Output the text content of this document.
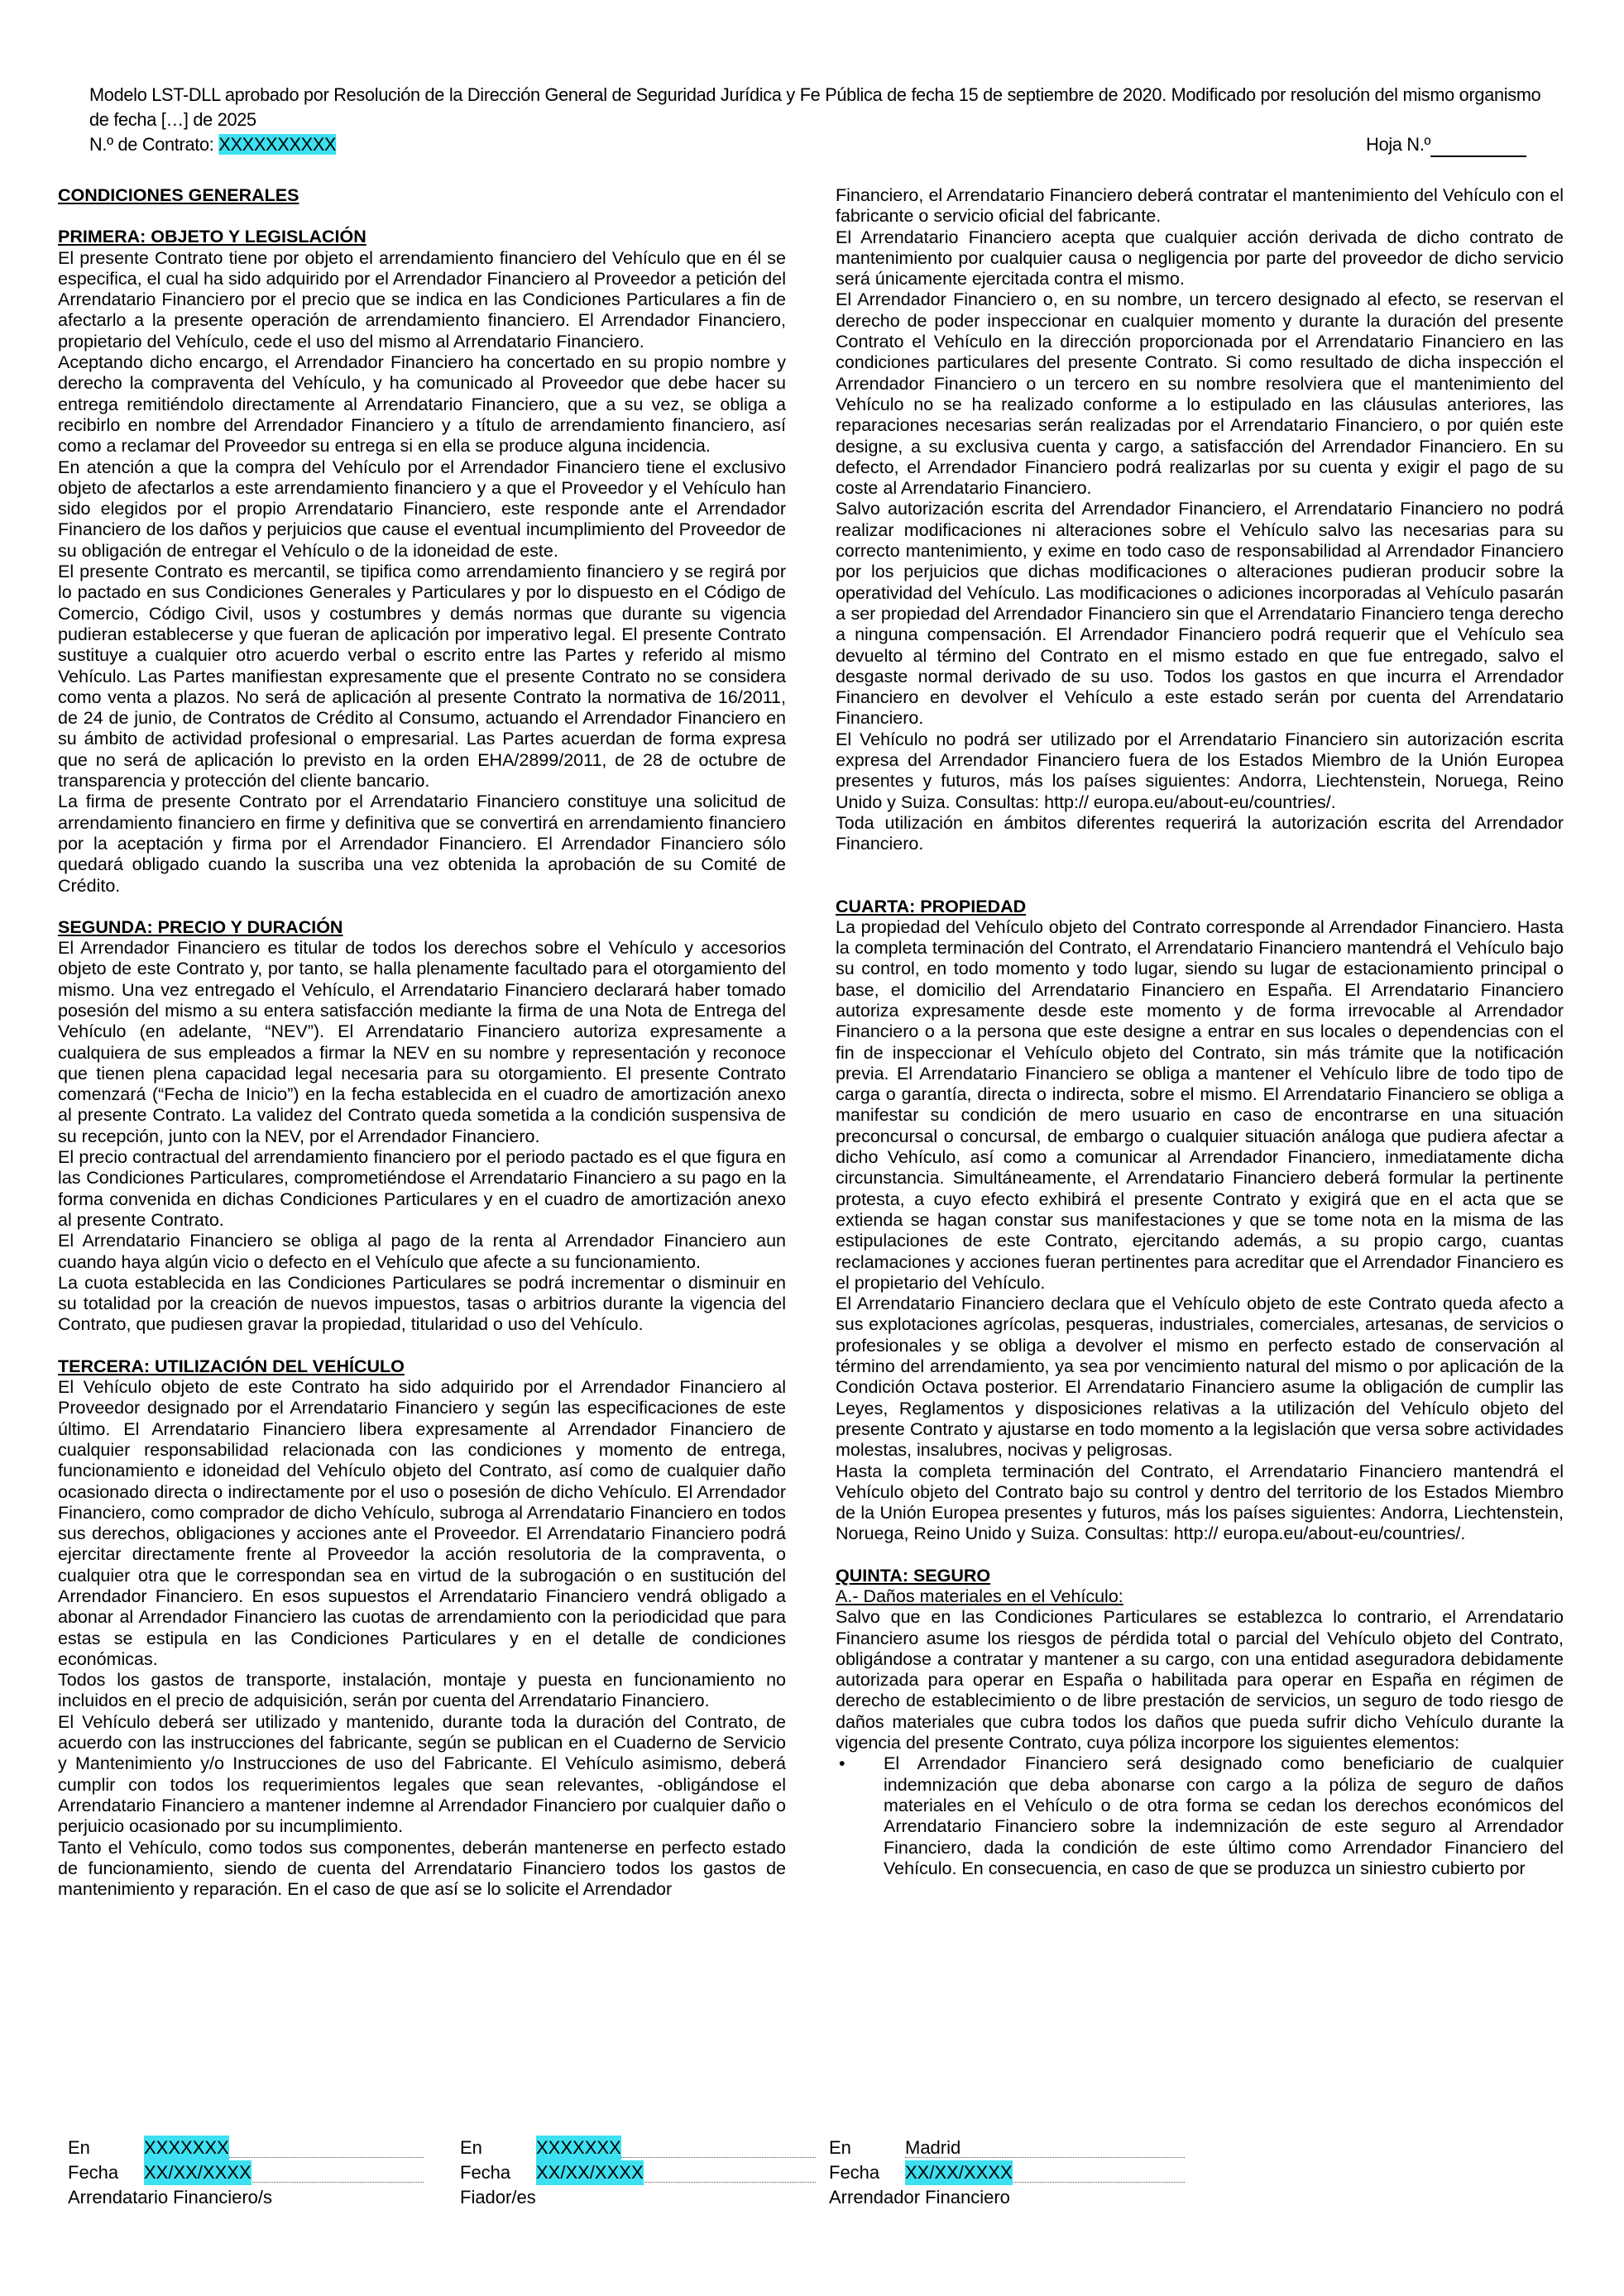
Modelo LST-DLL aprobado por Resolución de la Dirección General de Seguridad Jurídica y Fe Pública de fecha 15 de septiembre de 2020. Modificado por resolución del mismo organismo
de fecha […] de 2025
N.º de Contrato: XXXXXXXXXX	Hoja N.º

CONDICIONES GENERALES

PRIMERA: OBJETO Y LEGISLACIÓN

El presente Contrato tiene por objeto el arrendamiento financiero del Vehículo que en él se especifica, el cual ha sido adquirido por el Arrendador Financiero al Proveedor a petición del Arrendatario Financiero por el precio que se indica en las Condiciones Particulares a fin de afectarlo a la presente operación de arrendamiento financiero. El Arrendador Financiero, propietario del Vehículo, cede el uso del mismo al Arrendatario Financiero.

Aceptando dicho encargo, el Arrendador Financiero ha concertado en su propio nombre y derecho la compraventa del Vehículo, y ha comunicado al Proveedor que debe hacer su entrega remitiéndolo directamente al Arrendatario Financiero, que a su vez, se obliga a recibirlo en nombre del Arrendador Financiero y a título de arrendamiento financiero, así como a reclamar del Proveedor su entrega si en ella se produce alguna incidencia.

En atención a que la compra del Vehículo por el Arrendador Financiero tiene el exclusivo objeto de afectarlos a este arrendamiento financiero y a que el Proveedor y el Vehículo han sido elegidos por el propio Arrendatario Financiero, este responde ante el Arrendador Financiero de los daños y perjuicios que cause el eventual incumplimiento del Proveedor de su obligación de entregar el Vehículo o de la idoneidad de este.

El presente Contrato es mercantil, se tipifica como arrendamiento financiero y se regirá por lo pactado en sus Condiciones Generales y Particulares y por lo dispuesto en el Código de Comercio, Código Civil, usos y costumbres y demás normas que durante su vigencia pudieran establecerse y que fueran de aplicación por imperativo legal. El presente Contrato sustituye a cualquier otro acuerdo verbal o escrito entre las Partes y referido al mismo Vehículo. Las Partes manifiestan expresamente que el presente Contrato no se considera como venta a plazos. No será de aplicación al presente Contrato la normativa de 16/2011, de 24 de junio, de Contratos de Crédito al Consumo, actuando el Arrendador Financiero en su ámbito de actividad profesional o empresarial. Las Partes acuerdan de forma expresa que no será de aplicación lo previsto en la orden EHA/2899/2011, de 28 de octubre de transparencia y protección del cliente bancario.

La firma de presente Contrato por el Arrendatario Financiero constituye una solicitud de arrendamiento financiero en firme y definitiva que se convertirá en arrendamiento financiero por la aceptación y firma por el Arrendador Financiero. El Arrendador Financiero sólo quedará obligado cuando la suscriba una vez obtenida la aprobación de su Comité de Crédito.

SEGUNDA: PRECIO Y DURACIÓN

El Arrendador Financiero es titular de todos los derechos sobre el Vehículo y accesorios objeto de este Contrato y, por tanto, se halla plenamente facultado para el otorgamiento del mismo. Una vez entregado el Vehículo, el Arrendatario Financiero declarará haber tomado posesión del mismo a su entera satisfacción mediante la firma de una Nota de Entrega del Vehículo (en adelante, “NEV”). El Arrendatario Financiero autoriza expresamente a cualquiera de sus empleados a firmar la NEV en su nombre y representación y reconoce que tienen plena capacidad legal necesaria para su otorgamiento. El presente Contrato comenzará (“Fecha de Inicio”) en la fecha establecida en el cuadro de amortización anexo al presente Contrato. La validez del Contrato queda sometida a la condición suspensiva de su recepción, junto con la NEV, por el Arrendador Financiero.

El precio contractual del arrendamiento financiero por el periodo pactado es el que figura en las Condiciones Particulares, comprometiéndose el Arrendatario Financiero a su pago en la forma convenida en dichas Condiciones Particulares y en el cuadro de amortización anexo al presente Contrato.

El Arrendatario Financiero se obliga al pago de la renta al Arrendador Financiero aun cuando haya algún vicio o defecto en el Vehículo que afecte a su funcionamiento.

La cuota establecida en las Condiciones Particulares se podrá incrementar o disminuir en su totalidad por la creación de nuevos impuestos, tasas o arbitrios durante la vigencia del Contrato, que pudiesen gravar la propiedad, titularidad o uso del Vehículo.

TERCERA: UTILIZACIÓN DEL VEHÍCULO

El Vehículo objeto de este Contrato ha sido adquirido por el Arrendador Financiero al Proveedor designado por el Arrendatario Financiero y según las especificaciones de este último. El Arrendatario Financiero libera expresamente al Arrendador Financiero de cualquier responsabilidad relacionada con las condiciones y momento de entrega, funcionamiento e idoneidad del Vehículo objeto del Contrato, así como de cualquier daño ocasionado directa o indirectamente por el uso o posesión de dicho Vehículo. El Arrendador Financiero, como comprador de dicho Vehículo, subroga al Arrendatario Financiero en todos sus derechos, obligaciones y acciones ante el Proveedor. El Arrendatario Financiero podrá ejercitar directamente frente al Proveedor la acción resolutoria de la compraventa, o cualquier otra que le correspondan sea en virtud de la subrogación o en sustitución del Arrendador Financiero. En esos supuestos el Arrendatario Financiero vendrá obligado a abonar al Arrendador Financiero las cuotas de arrendamiento con la periodicidad que para estas se estipula en las Condiciones Particulares y en el detalle de condiciones económicas.

Todos los gastos de transporte, instalación, montaje y puesta en funcionamiento no incluidos en el precio de adquisición, serán por cuenta del Arrendatario Financiero.

El Vehículo deberá ser utilizado y mantenido, durante toda la duración del Contrato, de acuerdo con las instrucciones del fabricante, según se publican en el Cuaderno de Servicio y Mantenimiento y/o Instrucciones de uso del Fabricante. El Vehículo asimismo, deberá cumplir con todos los requerimientos legales que sean relevantes, -obligándose el Arrendatario Financiero a mantener indemne al Arrendador Financiero por cualquier daño o perjuicio ocasionado por su incumplimiento.

Tanto el Vehículo, como todos sus componentes, deberán mantenerse en perfecto estado de funcionamiento, siendo de cuenta del Arrendatario Financiero todos los gastos de mantenimiento y reparación. En el caso de que así se lo solicite el Arrendador

Financiero, el Arrendatario Financiero deberá contratar el mantenimiento del Vehículo con el fabricante o servicio oficial del fabricante.

El Arrendatario Financiero acepta que cualquier acción derivada de dicho contrato de mantenimiento por cualquier causa o negligencia por parte del proveedor de dicho servicio será únicamente ejercitada contra el mismo.

El Arrendador Financiero o, en su nombre, un tercero designado al efecto, se reservan el derecho de poder inspeccionar en cualquier momento y durante la duración del presente Contrato el Vehículo en la dirección proporcionada por el Arrendatario Financiero en las condiciones particulares del presente Contrato. Si como resultado de dicha inspección el Arrendador Financiero o un tercero en su nombre resolviera que el mantenimiento del Vehículo no se ha realizado conforme a lo estipulado en las cláusulas anteriores, las reparaciones necesarias serán realizadas por el Arrendatario Financiero, o por quién este designe, a su exclusiva cuenta y cargo, a satisfacción del Arrendador Financiero. En su defecto, el Arrendador Financiero podrá realizarlas por su cuenta y exigir el pago de su coste al Arrendatario Financiero.

Salvo autorización escrita del Arrendador Financiero, el Arrendatario Financiero no podrá realizar modificaciones ni alteraciones sobre el Vehículo salvo las necesarias para su correcto mantenimiento, y exime en todo caso de responsabilidad al Arrendador Financiero por los perjuicios que dichas modificaciones o alteraciones pudieran producir sobre la operatividad del Vehículo. Las modificaciones o adiciones incorporadas al Vehículo pasarán a ser propiedad del Arrendador Financiero sin que el Arrendatario Financiero tenga derecho a ninguna compensación. El Arrendador Financiero podrá requerir que el Vehículo sea devuelto al término del Contrato en el mismo estado en que fue entregado, salvo el desgaste normal derivado de su uso. Todos los gastos en que incurra el Arrendador Financiero en devolver el Vehículo a este estado serán por cuenta del Arrendatario Financiero.

El Vehículo no podrá ser utilizado por el Arrendatario Financiero sin autorización escrita expresa del Arrendador Financiero fuera de los Estados Miembro de la Unión Europea presentes y futuros, más los países siguientes: Andorra, Liechtenstein, Noruega, Reino Unido y Suiza. Consultas: http:// europa.eu/about-eu/countries/.

Toda utilización en ámbitos diferentes requerirá la autorización escrita del Arrendador Financiero.

CUARTA: PROPIEDAD

La propiedad del Vehículo objeto del Contrato corresponde al Arrendador Financiero. Hasta la completa terminación del Contrato, el Arrendatario Financiero mantendrá el Vehículo bajo su control, en todo momento y todo lugar, siendo su lugar de estacionamiento principal o base, el domicilio del Arrendatario Financiero en España. El Arrendatario Financiero autoriza expresamente desde este momento y de forma irrevocable al Arrendador Financiero o a la persona que este designe a entrar en sus locales o dependencias con el fin de inspeccionar el Vehículo objeto del Contrato, sin más trámite que la notificación previa. El Arrendatario Financiero se obliga a mantener el Vehículo libre de todo tipo de carga o garantía, directa o indirecta, sobre el mismo. El Arrendatario Financiero se obliga a manifestar su condición de mero usuario en caso de encontrarse en una situación preconcursal o concursal, de embargo o cualquier situación análoga que pudiera afectar a dicho Vehículo, así como a comunicar al Arrendador Financiero, inmediatamente dicha circunstancia. Simultáneamente, el Arrendatario Financiero deberá formular la pertinente protesta, a cuyo efecto exhibirá el presente Contrato y exigirá que en el acta que se extienda se hagan constar sus manifestaciones y que se tome nota en la misma de las estipulaciones de este Contrato, ejercitando además, a su propio cargo, cuantas reclamaciones y acciones fueran pertinentes para acreditar que el Arrendador Financiero es el propietario del Vehículo.

El Arrendatario Financiero declara que el Vehículo objeto de este Contrato queda afecto a sus explotaciones agrícolas, pesqueras, industriales, comerciales, artesanas, de servicios o profesionales y se obliga a devolver el mismo en perfecto estado de conservación al término del arrendamiento, ya sea por vencimiento natural del mismo o por aplicación de la Condición Octava posterior. El Arrendatario Financiero asume la obligación de cumplir las Leyes, Reglamentos y disposiciones relativas a la utilización del Vehículo objeto del presente Contrato y ajustarse en todo momento a la legislación que versa sobre actividades molestas, insalubres, nocivas y peligrosas.

Hasta la completa terminación del Contrato, el Arrendatario Financiero mantendrá el Vehículo objeto del Contrato bajo su control y dentro del territorio de los Estados Miembro de la Unión Europea presentes y futuros, más los países siguientes: Andorra, Liechtenstein, Noruega, Reino Unido y Suiza. Consultas: http:// europa.eu/about-eu/countries/.

QUINTA: SEGURO

A.- Daños materiales en el Vehículo:

Salvo que en las Condiciones Particulares se establezca lo contrario, el Arrendatario Financiero asume los riesgos de pérdida total o parcial del Vehículo objeto del Contrato, obligándose a contratar y mantener a su cargo, con una entidad aseguradora debidamente autorizada para operar en España o habilitada para operar en España en régimen de derecho de establecimiento o de libre prestación de servicios, un seguro de todo riesgo de daños materiales que cubra todos los daños que pueda sufrir dicho Vehículo durante la vigencia del presente Contrato, cuya póliza incorpore los siguientes elementos:

• El Arrendador Financiero será designado como beneficiario de cualquier indemnización que deba abonarse con cargo a la póliza de seguro de daños materiales en el Vehículo o de otra forma se cedan los derechos económicos del Arrendatario Financiero sobre la indemnización de este seguro al Arrendador Financiero, dada la condición de este último como Arrendador Financiero del Vehículo. En consecuencia, en caso de que se produzca un siniestro cubierto por

En	XXXXXXX
Fecha XX/XX/XXXX
Arrendatario Financiero/s
En	XXXXXXX
Fecha XX/XX/XXXX
Fiador/es
En	Madrid
Fecha XX/XX/XXXX
Arrendador Financiero
